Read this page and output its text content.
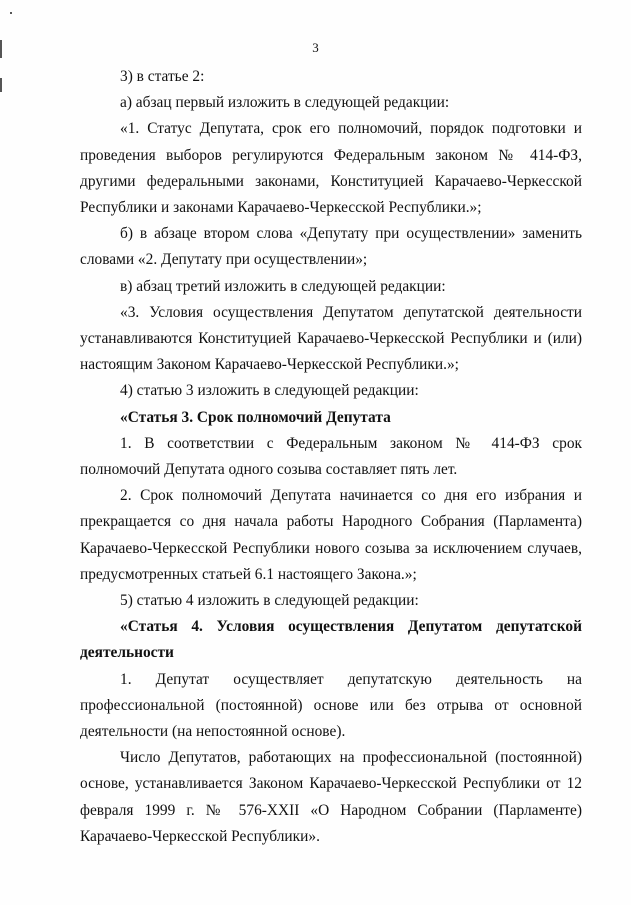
3

3) в статье 2:

а) абзац первый изложить в следующей редакции:

«1. Статус Депутата, срок его полномочий, порядок подготовки и проведения выборов регулируются Федеральным законом № 414-ФЗ, другими федеральными законами, Конституцией Карачаево-Черкесской Республики и законами Карачаево-Черкесской Республики.»;

б) в абзаце втором слова «Депутату при осуществлении» заменить словами «2. Депутату при осуществлении»;

в) абзац третий изложить в следующей редакции:

«3. Условия осуществления Депутатом депутатской деятельности устанавливаются Конституцией Карачаево-Черкесской Республики и (или) настоящим Законом Карачаево-Черкесской Республики.»;

4) статью 3 изложить в следующей редакции:

«Статья 3. Срок полномочий Депутата

1. В соответствии с Федеральным законом № 414-ФЗ срок полномочий Депутата одного созыва составляет пять лет.

2. Срок полномочий Депутата начинается со дня его избрания и прекращается со дня начала работы Народного Собрания (Парламента) Карачаево-Черкесской Республики нового созыва за исключением случаев, предусмотренных статьей 6.1 настоящего Закона.»;

5) статью 4 изложить в следующей редакции:

«Статья 4. Условия осуществления Депутатом депутатской деятельности

1. Депутат осуществляет депутатскую деятельность на профессиональной (постоянной) основе или без отрыва от основной деятельности (на непостоянной основе).

Число Депутатов, работающих на профессиональной (постоянной) основе, устанавливается Законом Карачаево-Черкесской Республики от 12 февраля 1999 г. № 576-XXII «О Народном Собрании (Парламенте) Карачаево-Черкесской Республики».
